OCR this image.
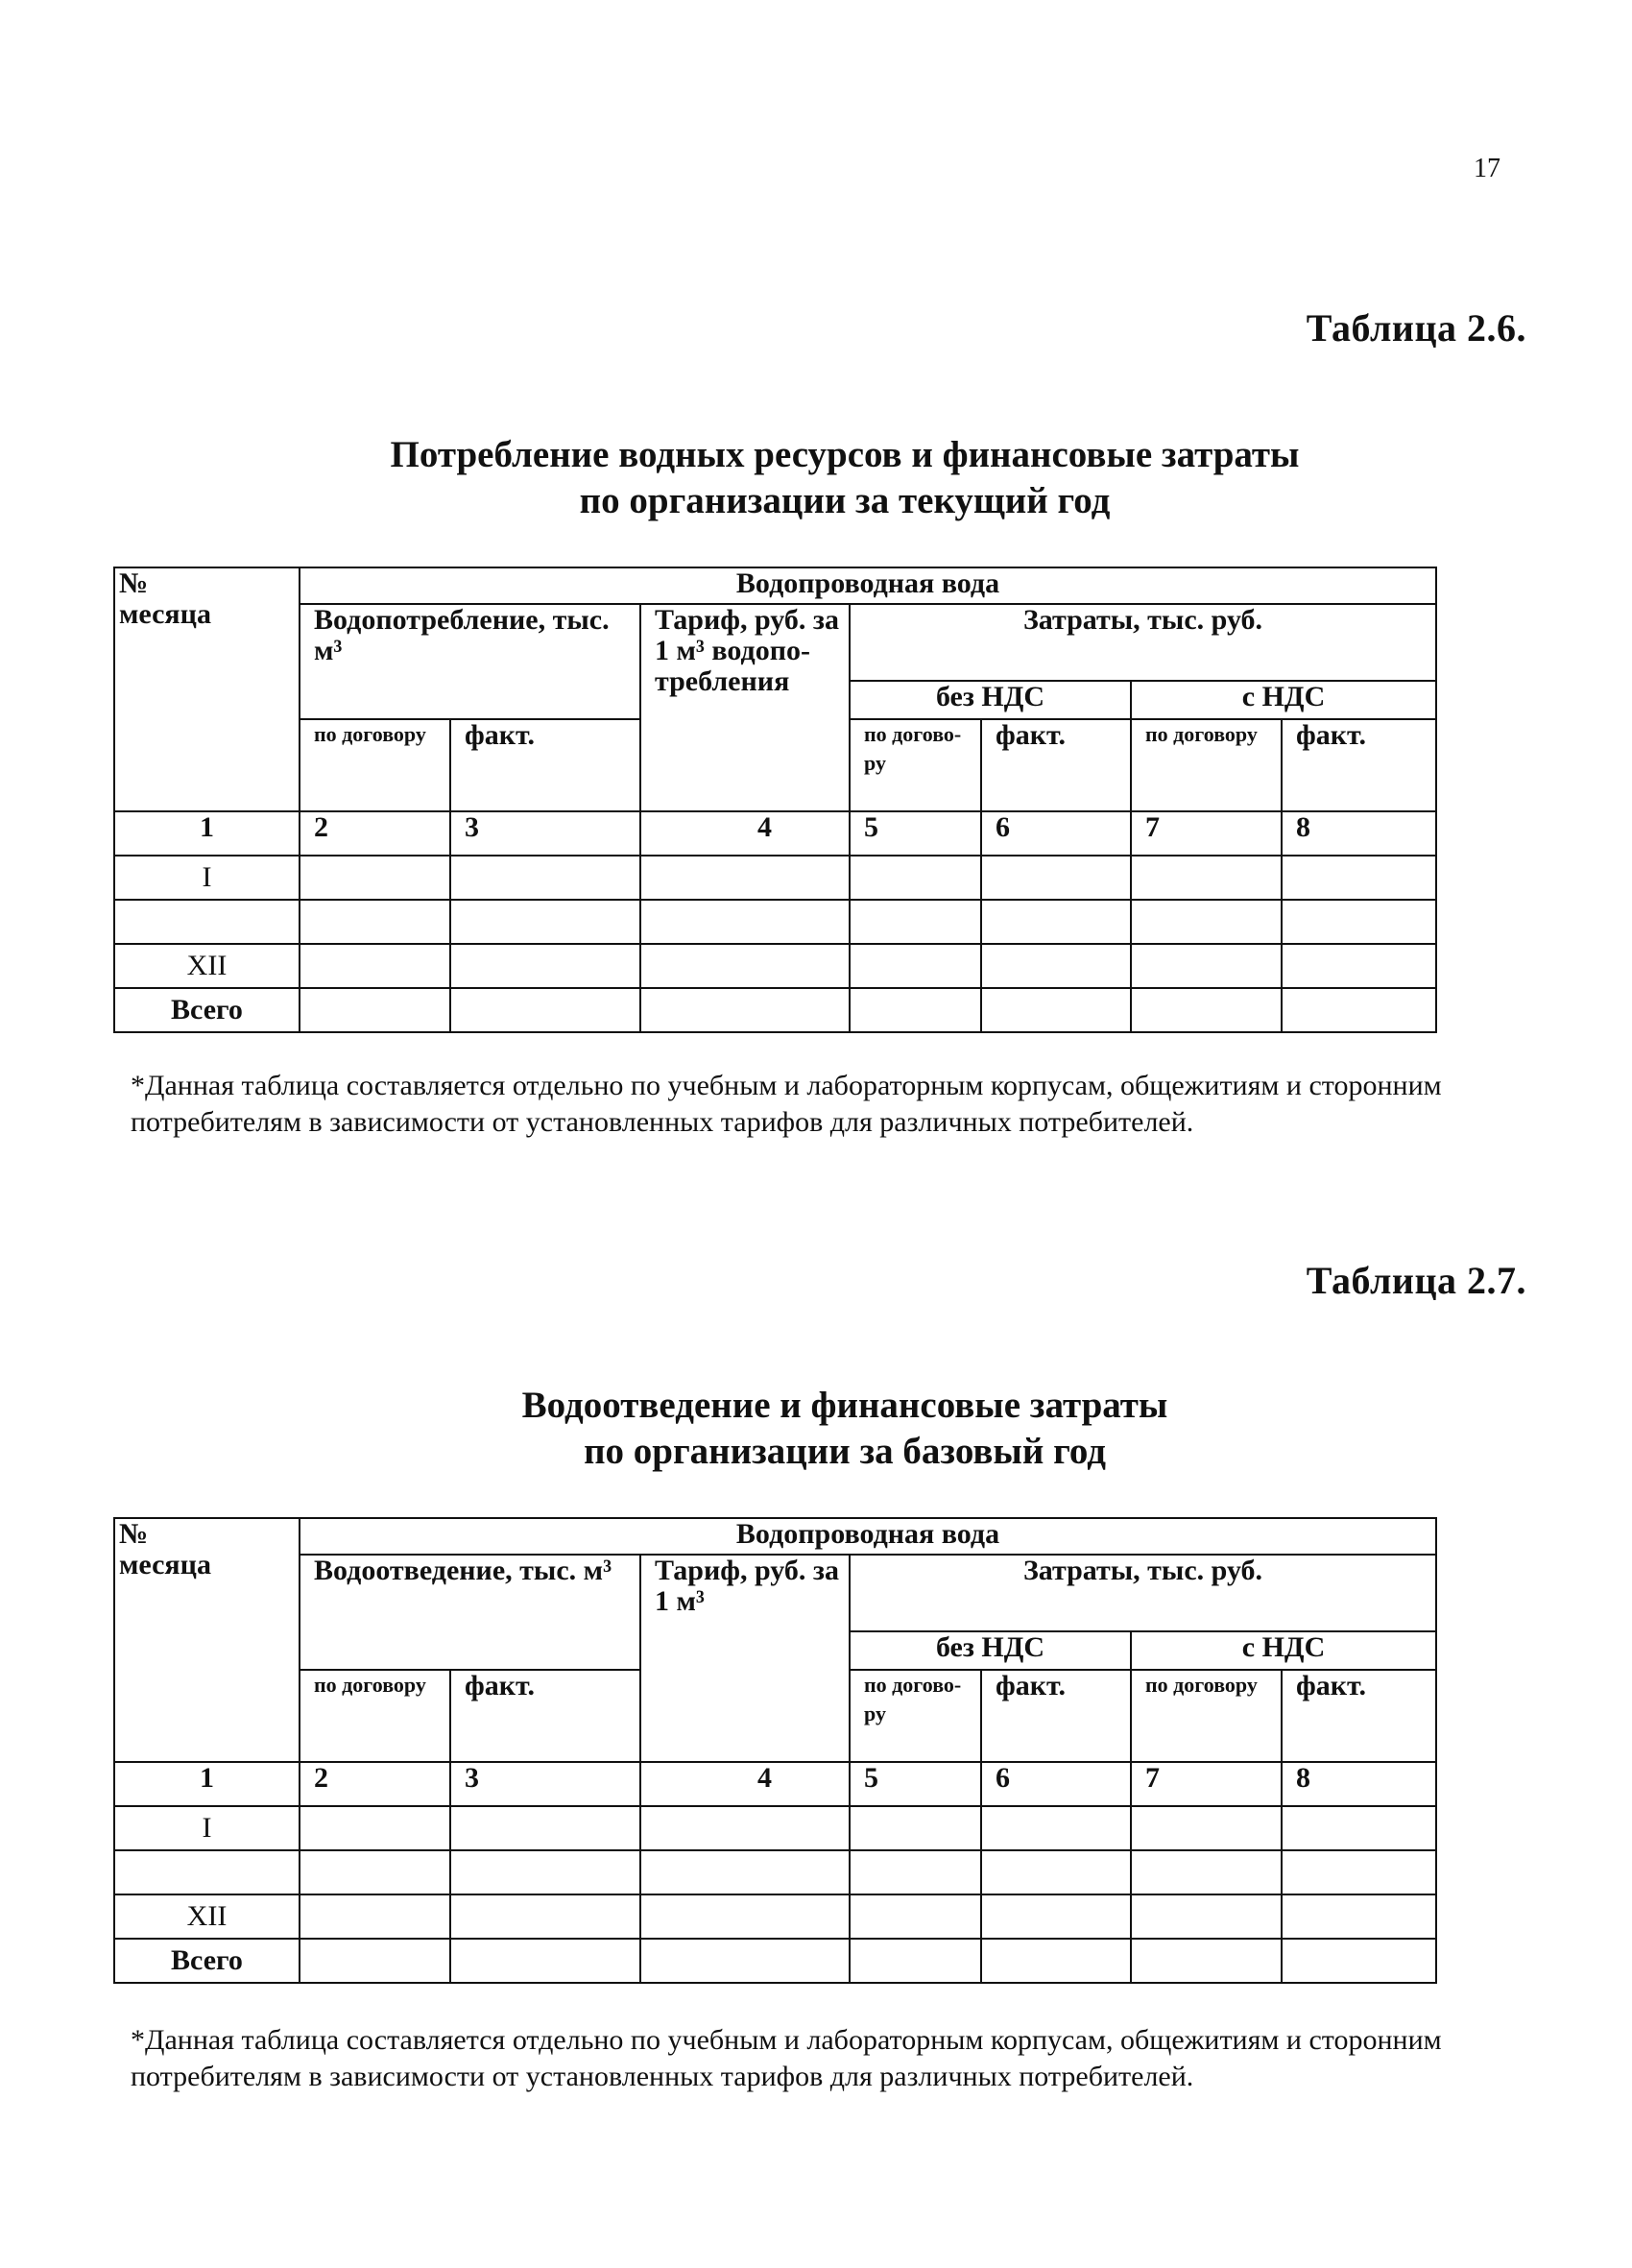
17
Таблица 2.6.
Потребление водных ресурсов и финансовые затраты
по организации за текущий год
№
месяца	Водопроводная вода						
	Водопотребление, тыс. м³		Тариф, руб. за 1 м³ водопо-требления	Затраты, тыс. руб.			
				без НДС		с НДС	
	по договору	факт.		по догово-ру	факт.	по договору	факт.
1	2	3	4	5	6	7	8
I							

XII							
Всего							
*Данная таблица составляется отдельно по учебным и лабораторным корпусам, общежитиям и сторонним потребителям в зависимости от установленных тарифов для различных потребителей.
Таблица 2.7.
Водоотведение и финансовые затраты
по организации за базовый год
№
месяца	Водопроводная вода						
	Водоотведение, тыс. м³		Тариф, руб. за 1 м³	Затраты, тыс. руб.			
				без НДС		с НДС	
	по договору	факт.		по догово-ру	факт.	по договору	факт.
1	2	3	4	5	6	7	8
I							

XII							
Всего							
*Данная таблица составляется отдельно по учебным и лабораторным корпусам, общежитиям и сторонним потребителям в зависимости от установленных тарифов для различных потребителей.
